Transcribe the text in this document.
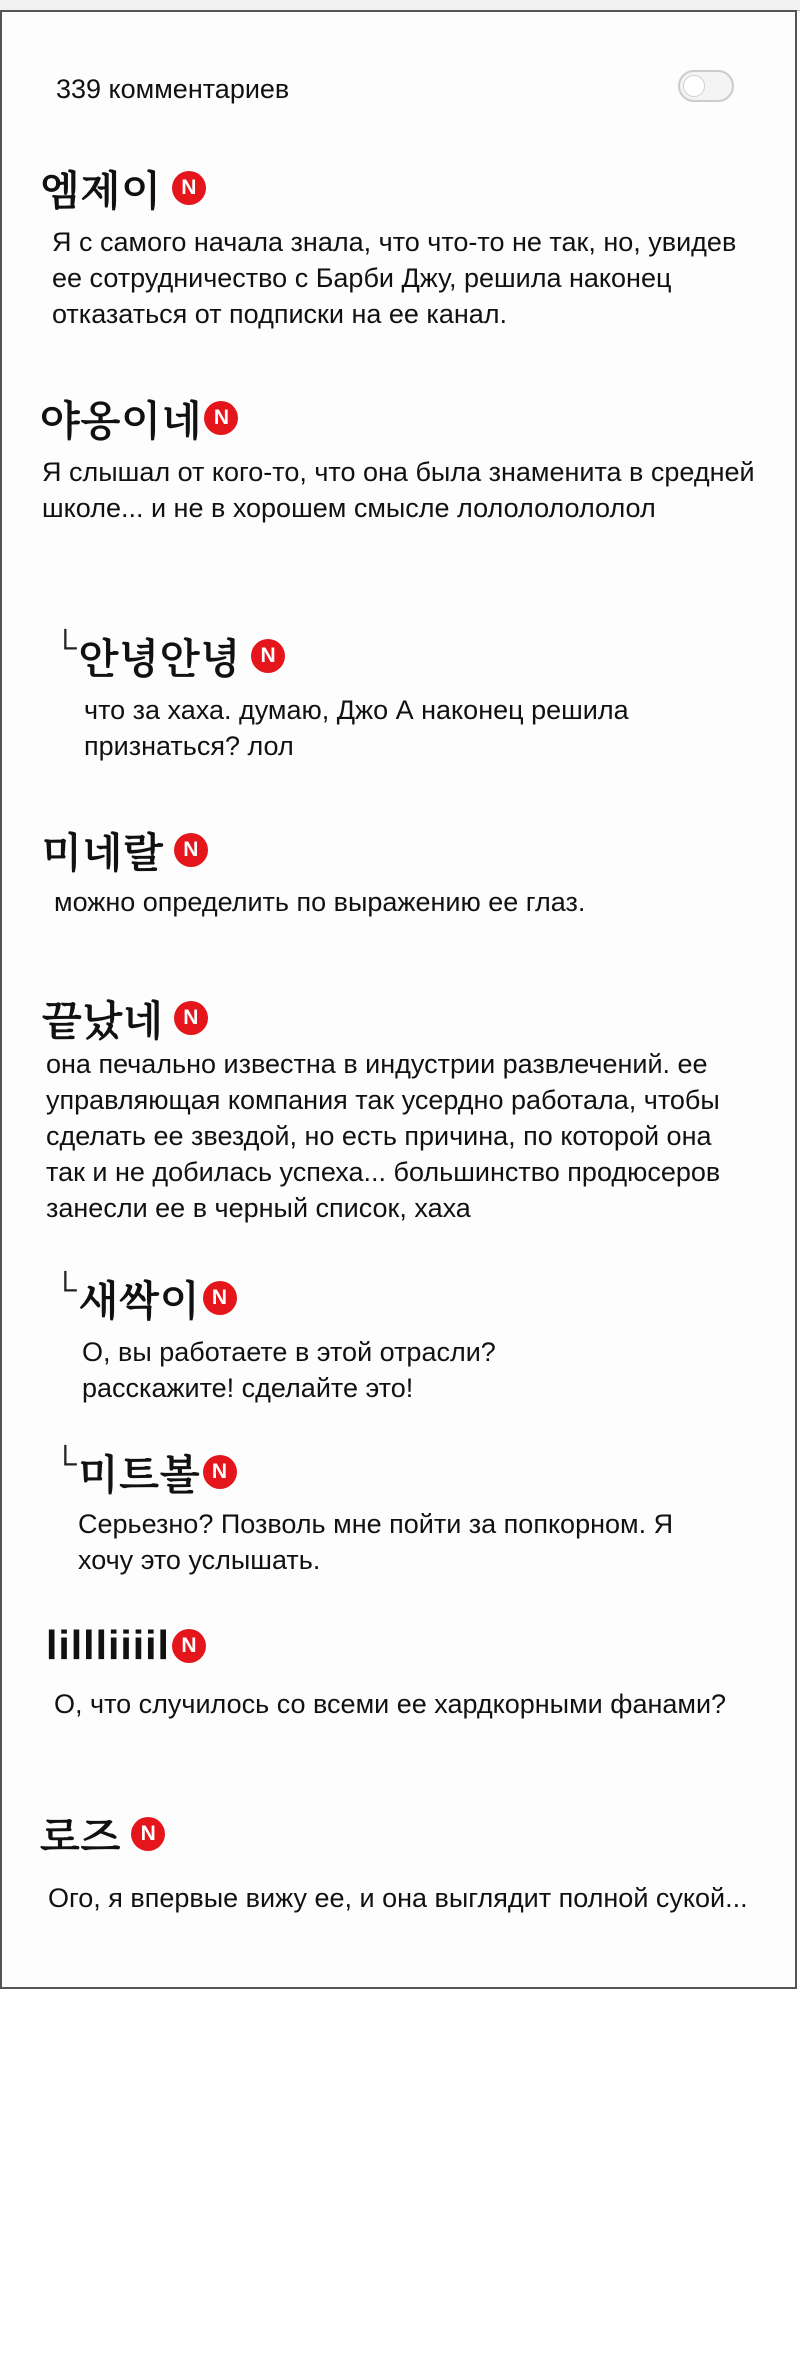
339 комментариев
엠제이 N
Я с самого начала знала, что что-то не так, но, увидев ее сотрудничество с Барби Джу, решила наконец отказаться от подписки на ее канал.
야옹이네 N
Я слышал от кого-то, что она была знаменита в средней школе... и не в хорошем смысле лолололололол
└ 안녕안녕 N
что за хаха. думаю, Джо А наконец решила признаться? лол
미네랄 N
можно определить по выражению ее глаз.
끝났네 N
она печально известна в индустрии развлечений. ее управляющая компания так усердно работала, чтобы сделать ее звездой, но есть причина, по которой она так и не добилась успеха... большинство продюсеров занесли ее в черный список, хаха
└ 새싹이 N
О, вы работаете в этой отрасли? расскажите! сделайте это!
└ 미트볼 N
Серьезно? Позволь мне пойти за попкорном. Я хочу это услышать.
lillliiiil N
О, что случилось со всеми ее хардкорными фанами?
로즈 N
Ого, я впервые вижу ее, и она выглядит полной сукой...
